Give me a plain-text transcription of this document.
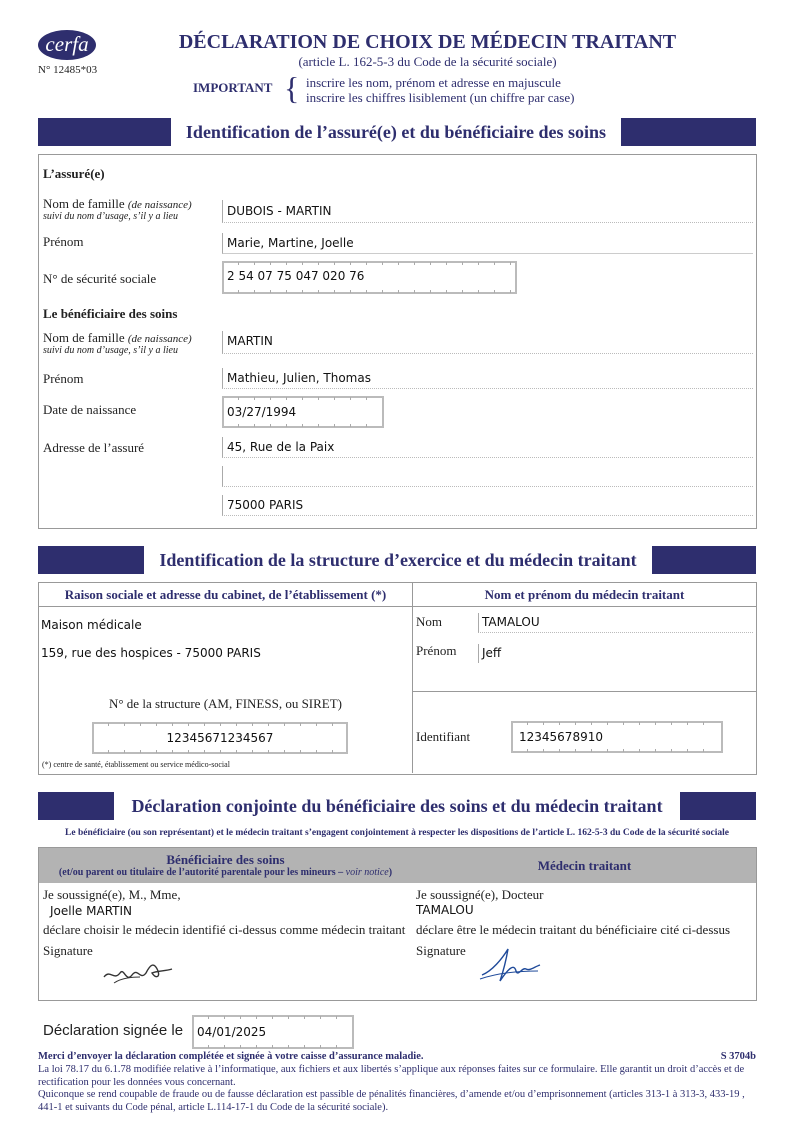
cerfa
N° 12485*03
DÉCLARATION DE CHOIX DE MÉDECIN TRAITANT
(article L. 162-5-3 du Code de la sécurité sociale)
IMPORTANT { inscrire les nom, prénom et adresse en majuscule
inscrire les chiffres lisiblement (un chiffre par case)
Identification de l’assuré(e) et du bénéficiaire des soins
L’assuré(e)
Nom de famille (de naissance)
suivi du nom d’usage, s’il y a lieu	DUBOIS - MARTIN
Prénom	Marie, Martine, Joelle
N° de sécurité sociale	2 54 07 75 047 020 76
Le bénéficiaire des soins
Nom de famille (de naissance)
suivi du nom d’usage, s’il y a lieu
MARTIN
Prénom	Mathieu, Julien, Thomas
Date de naissance	03/27/1994
Adresse de l’assuré	45, Rue de la Paix
75000 PARIS
Identification de la structure d’exercice et du médecin traitant
Raison sociale et adresse du cabinet, de l’établissement (*)	Nom et prénom du médecin traitant
Maison médicale
159, rue des hospices - 75000 PARIS
N° de la structure (AM, FINESS, ou SIRET)
12345671234567
(*) centre de santé, établissement ou service médico-social
Nom	TAMALOU
Prénom Jeff
Identifiant	12345678910
Déclaration conjointe du bénéficiaire des soins et du médecin traitant
Le bénéficiaire (ou son représentant) et le médecin traitant s’engagent conjointement à respecter les dispositions de l’article L. 162-5-3 du Code de la sécurité sociale
Bénéficiaire des soins
(et/ou parent ou titulaire de l’autorité parentale pour les mineurs – voir notice)	Médecin traitant
Je soussigné(e), M., Mme,
Joelle MARTIN
déclare choisir le médecin identifié ci-dessus comme médecin traitant
Signature
Je soussigné(e), Docteur
TAMALOU
déclare être le médecin traitant du bénéficiaire cité ci-dessus
Signature
Déclaration signée le 04/01/2025
Merci d’envoyer la déclaration complétée et signée à votre caisse d’assurance maladie.	S 3704b
La loi 78.17 du 6.1.78 modifiée relative à l’informatique, aux fichiers et aux libertés s’applique aux réponses faites sur ce formulaire. Elle garantit un droit d’accès et de rectification pour les données vous concernant.
Quiconque se rend coupable de fraude ou de fausse déclaration est passible de pénalités financières, d’amende et/ou d’emprisonnement (articles 313-1 à 313-3, 433-19 , 441-1 et suivants du Code pénal, article L.114-17-1 du Code de la sécurité sociale).
